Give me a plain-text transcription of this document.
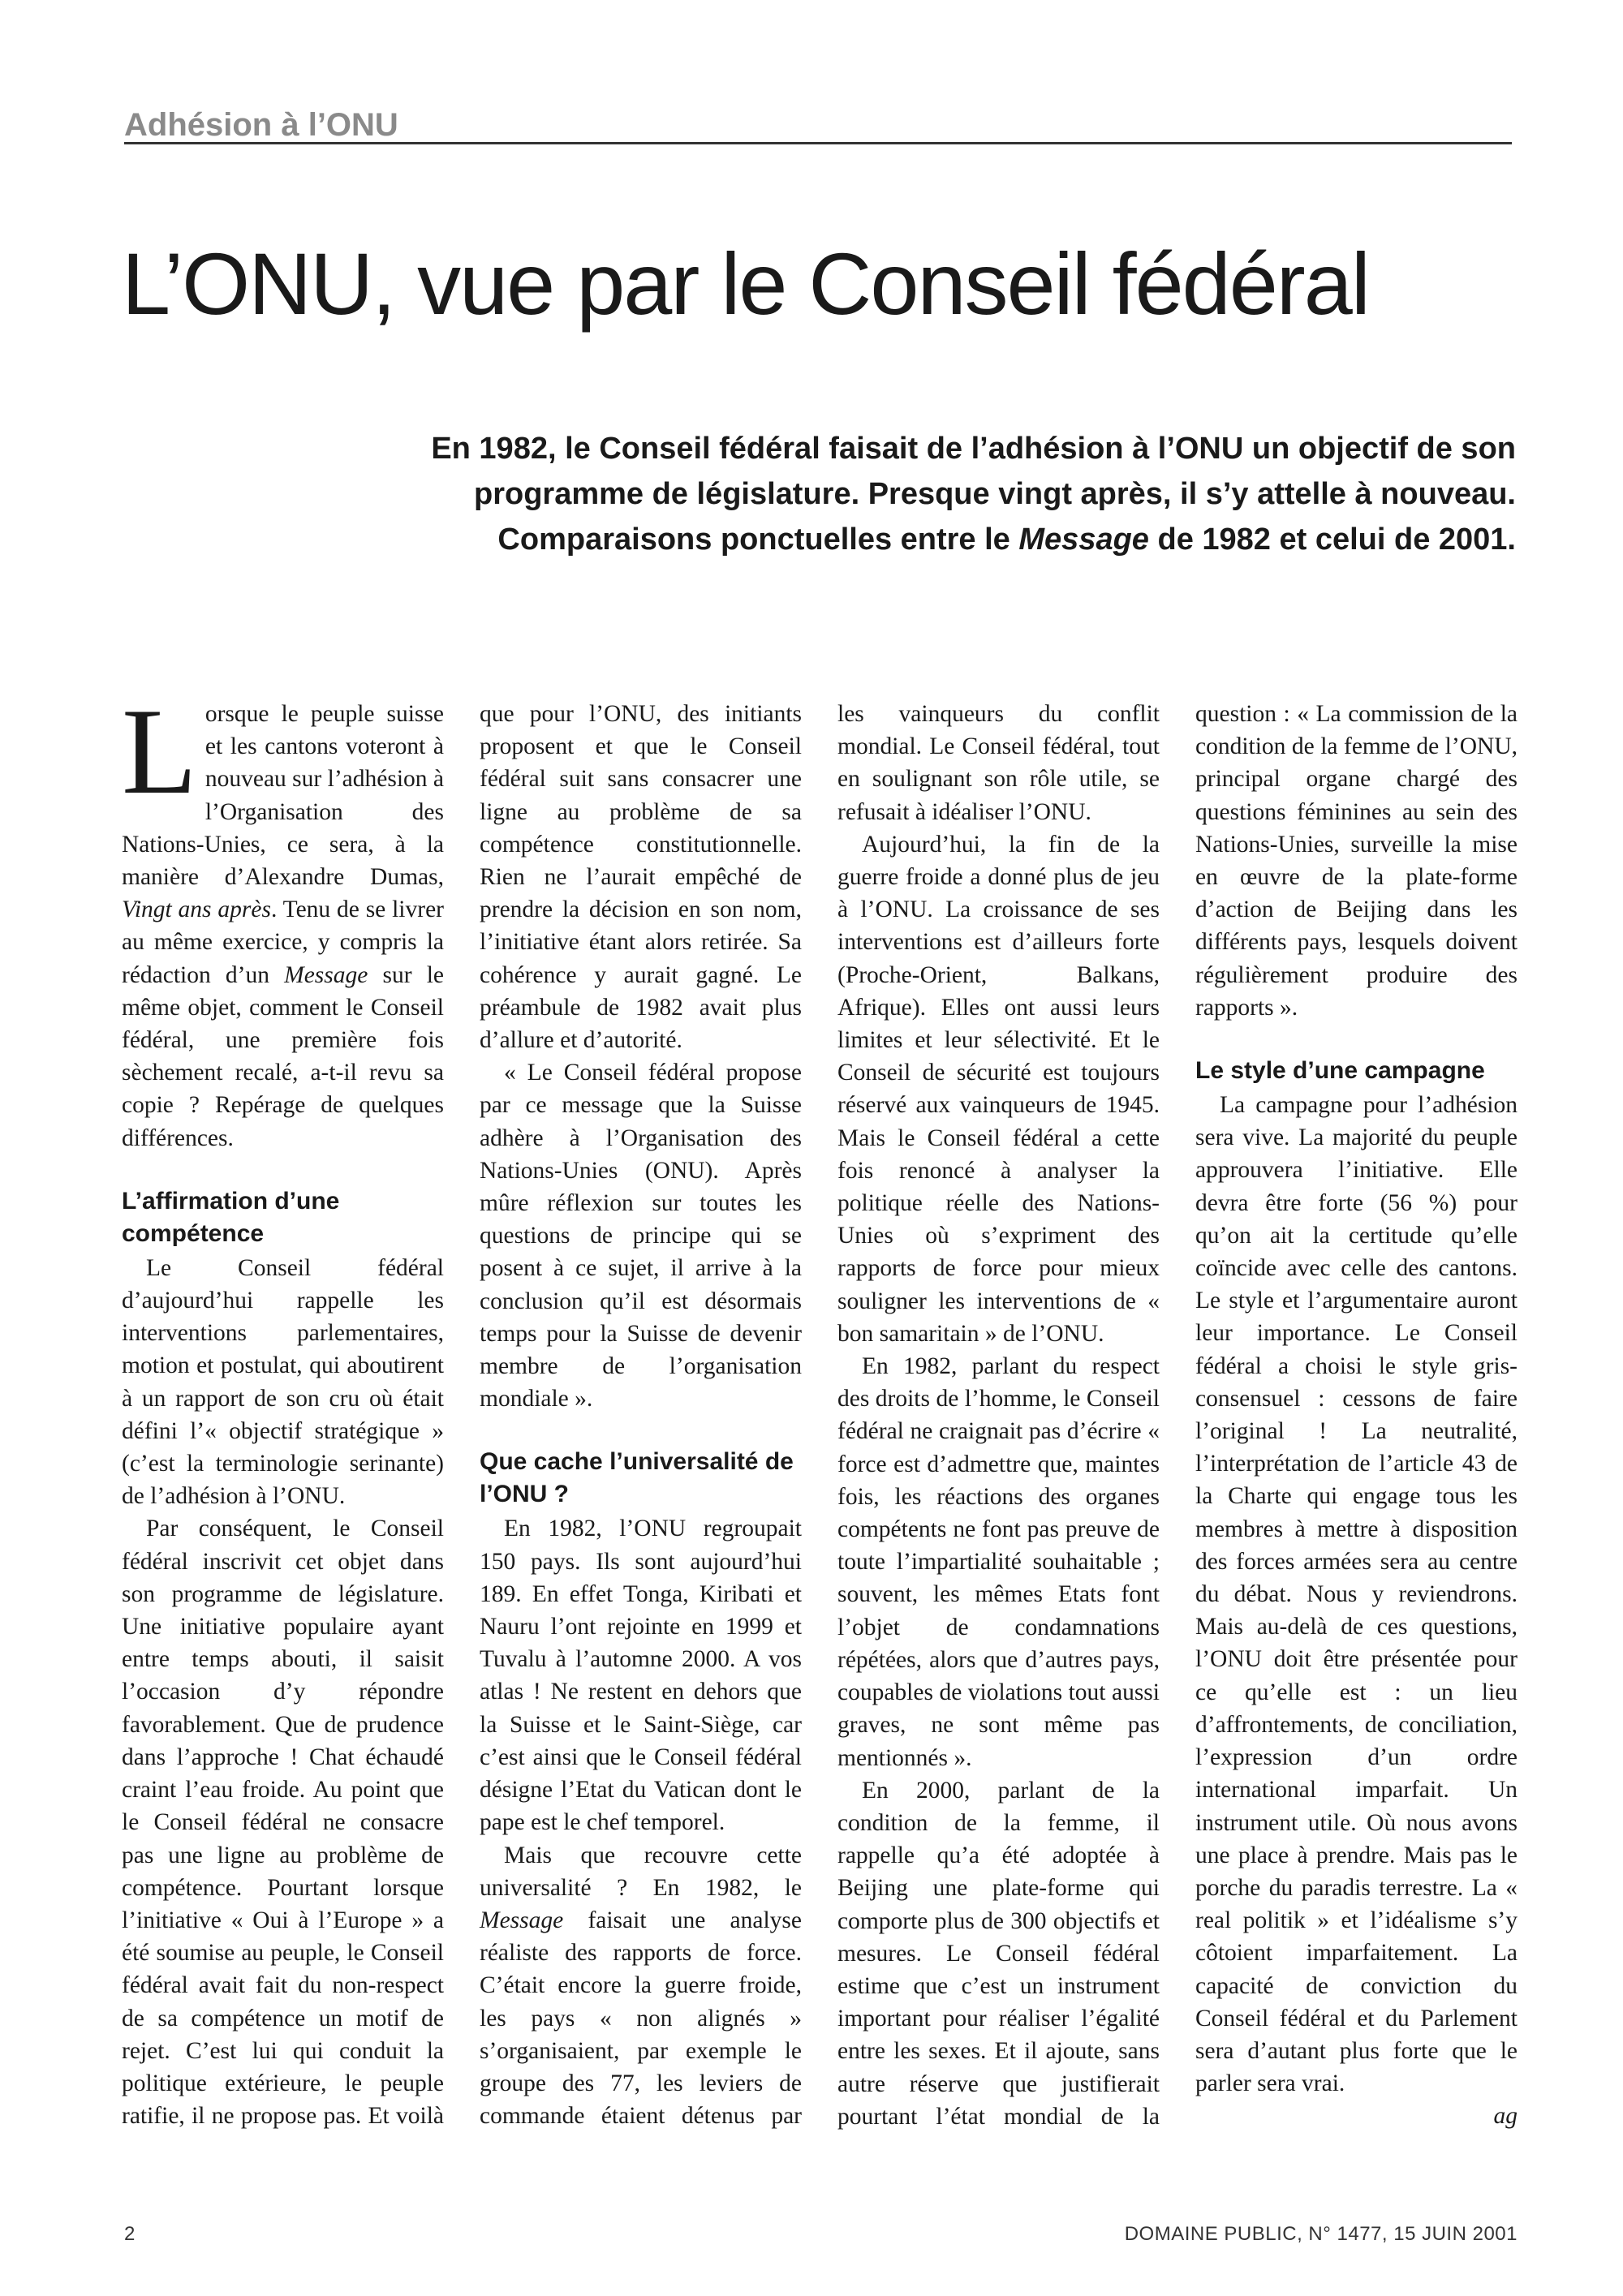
Adhésion à l’ONU
L’ONU, vue par le Conseil fédéral

En 1982, le Conseil fédéral faisait de l’adhésion à l’ONU un objectif de son programme de législature. Presque vingt après, il s’y attelle à nouveau. Comparaisons ponctuelles entre le Message de 1982 et celui de 2001.

Lorsque le peuple suisse et les cantons voteront à nouveau sur l’adhésion à l’Organisation des Nations-Unies, ce sera, à la manière d’Alexandre Dumas, Vingt ans après. Tenu de se livrer au même exercice, y compris la rédaction d’un Message sur le même objet, comment le Conseil fédéral, une première fois sèchement recalé, a-t-il revu sa copie ? Repérage de quelques différences.

L’affirmation d’une compétence

Le Conseil fédéral d’aujourd’hui rappelle les interventions parlementaires, motion et postulat, qui aboutirent à un rapport de son cru où était défini l’« objectif stratégique » (c’est la terminologie serinante) de l’adhésion à l’ONU.

Par conséquent, le Conseil fédéral inscrivit cet objet dans son programme de législature. Une initiative populaire ayant entre temps abouti, il saisit l’occasion d’y répondre favorablement. Que de prudence dans l’approche ! Chat échaudé craint l’eau froide. Au point que le Conseil fédéral ne consacre pas une ligne au problème de compétence. Pourtant lorsque l’initiative « Oui à l’Europe » a été soumise au peuple, le Conseil fédéral avait fait du non-respect de sa compétence un motif de rejet. C’est lui qui conduit la politique extérieure, le peuple ratifie, il ne propose pas. Et voilà que pour l’ONU, des initiants proposent et que le Conseil fédéral suit sans consacrer une ligne au problème de sa compétence constitutionnelle. Rien ne l’aurait empêché de prendre la décision en son nom, l’initiative étant alors retirée. Sa cohérence y aurait gagné. Le préambule de 1982 avait plus d’allure et d’autorité.

« Le Conseil fédéral propose par ce message que la Suisse adhère à l’Organisation des Nations-Unies (ONU). Après mûre réflexion sur toutes les questions de principe qui se posent à ce sujet, il arrive à la conclusion qu’il est désormais temps pour la Suisse de devenir membre de l’organisation mondiale ».

Que cache l’universalité de l’ONU ?

En 1982, l’ONU regroupait 150 pays. Ils sont aujourd’hui 189. En effet Tonga, Kiribati et Nauru l’ont rejointe en 1999 et Tuvalu à l’automne 2000. A vos atlas ! Ne restent en dehors que la Suisse et le Saint-Siège, car c’est ainsi que le Conseil fédéral désigne l’Etat du Vatican dont le pape est le chef temporel.

Mais que recouvre cette universalité ? En 1982, le Message faisait une analyse réaliste des rapports de force. C’était encore la guerre froide, les pays « non alignés » s’organisaient, par exemple le groupe des 77, les leviers de commande étaient détenus par les vainqueurs du conflit mondial. Le Conseil fédéral, tout en soulignant son rôle utile, se refusait à idéaliser l’ONU.

Aujourd’hui, la fin de la guerre froide a donné plus de jeu à l’ONU. La croissance de ses interventions est d’ailleurs forte (Proche-Orient, Balkans, Afrique). Elles ont aussi leurs limites et leur sélectivité. Et le Conseil de sécurité est toujours réservé aux vainqueurs de 1945. Mais le Conseil fédéral a cette fois renoncé à analyser la politique réelle des Nations-Unies où s’expriment des rapports de force pour mieux souligner les interventions de « bon samaritain » de l’ONU.

En 1982, parlant du respect des droits de l’homme, le Conseil fédéral ne craignait pas d’écrire « force est d’admettre que, maintes fois, les réactions des organes compétents ne font pas preuve de toute l’impartialité souhaitable ; souvent, les mêmes Etats font l’objet de condamnations répétées, alors que d’autres pays, coupables de violations tout aussi graves, ne sont même pas mentionnés ».

En 2000, parlant de la condition de la femme, il rappelle qu’a été adoptée à Beijing une plate-forme qui comporte plus de 300 objectifs et mesures. Le Conseil fédéral estime que c’est un instrument important pour réaliser l’égalité entre les sexes. Et il ajoute, sans autre réserve que justifierait pourtant l’état mondial de la question : « La commission de la condition de la femme de l’ONU, principal organe chargé des questions féminines au sein des Nations-Unies, surveille la mise en œuvre de la plate-forme d’action de Beijing dans les différents pays, lesquels doivent régulièrement produire des rapports ».

Le style d’une campagne

La campagne pour l’adhésion sera vive. La majorité du peuple approuvera l’initiative. Elle devra être forte (56 %) pour qu’on ait la certitude qu’elle coïncide avec celle des cantons. Le style et l’argumentaire auront leur importance. Le Conseil fédéral a choisi le style gris-consensuel : cessons de faire l’original ! La neutralité, l’interprétation de l’article 43 de la Charte qui engage tous les membres à mettre à disposition des forces armées sera au centre du débat. Nous y reviendrons. Mais au-delà de ces questions, l’ONU doit être présentée pour ce qu’elle est : un lieu d’affrontements, de conciliation, l’expression d’un ordre international imparfait. Un instrument utile. Où nous avons une place à prendre. Mais pas le porche du paradis terrestre. La « real politik » et l’idéalisme s’y côtoient imparfaitement. La capacité de conviction du Conseil fédéral et du Parlement sera d’autant plus forte que le parler sera vrai.

ag

2	DOMAINE PUBLIC, N° 1477, 15 JUIN 2001
